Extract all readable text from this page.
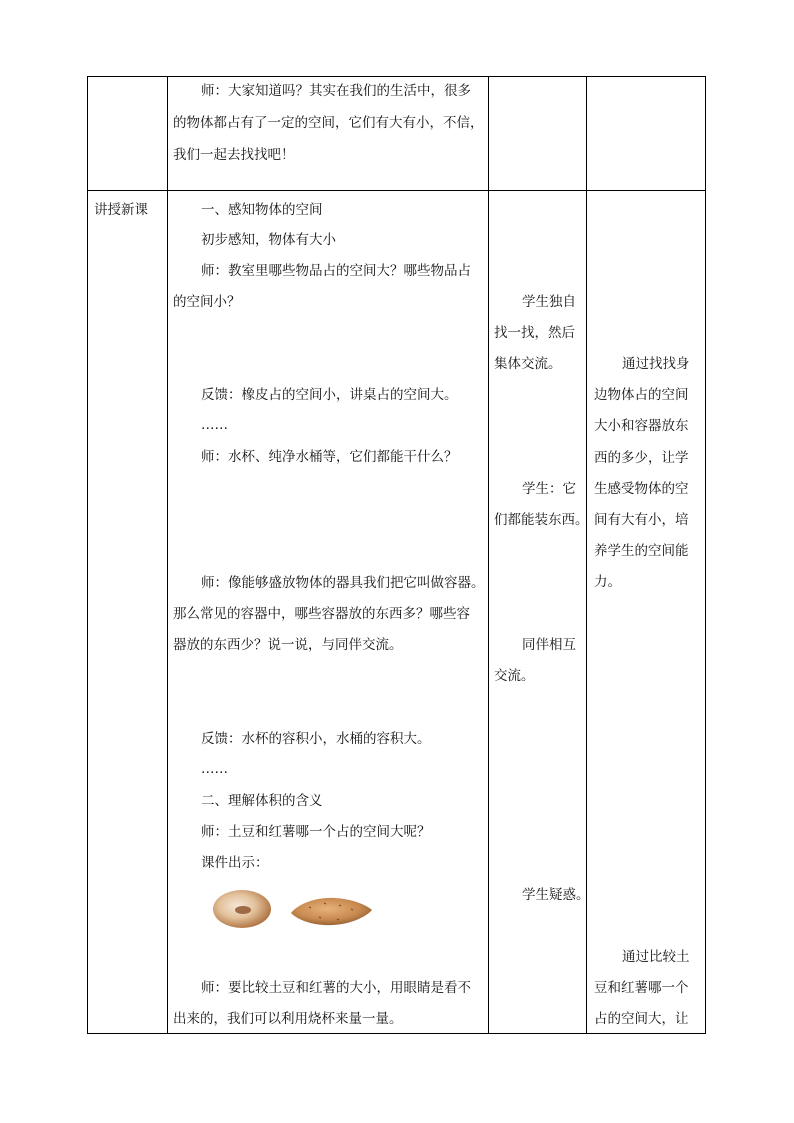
师：大家知道吗？其实在我们的生活中，很多
的物体都占有了一定的空间，它们有大有小，不信，
我们一起去找找吧！
讲授新课	一、感知物体的空间
初步感知，物体有大小
师：教室里哪些物品占的空间大？哪些物品占
的空间小？
反馈：橡皮占的空间小，讲桌占的空间大。
……
师：水杯、纯净水桶等，它们都能干什么？
师：像能够盛放物体的器具我们把它叫做容器。
那么常见的容器中，哪些容器放的东西多？哪些容
器放的东西少？说一说，与同伴交流。
反馈：水杯的容积小，水桶的容积大。
……
二、理解体积的含义
师：土豆和红薯哪一个占的空间大呢？
课件出示：
师：要比较土豆和红薯的大小，用眼睛是看不
出来的，我们可以利用烧杯来量一量。
学生独自
找一找，然后
集体交流。
学生：它
们都能装东西。
同伴相互
交流。
学生疑惑。
通过找找身
边物体占的空间
大小和容器放东
西的多少，让学
生感受物体的空
间有大有小，培
养学生的空间能
力。
通过比较土
豆和红薯哪一个
占的空间大，让
